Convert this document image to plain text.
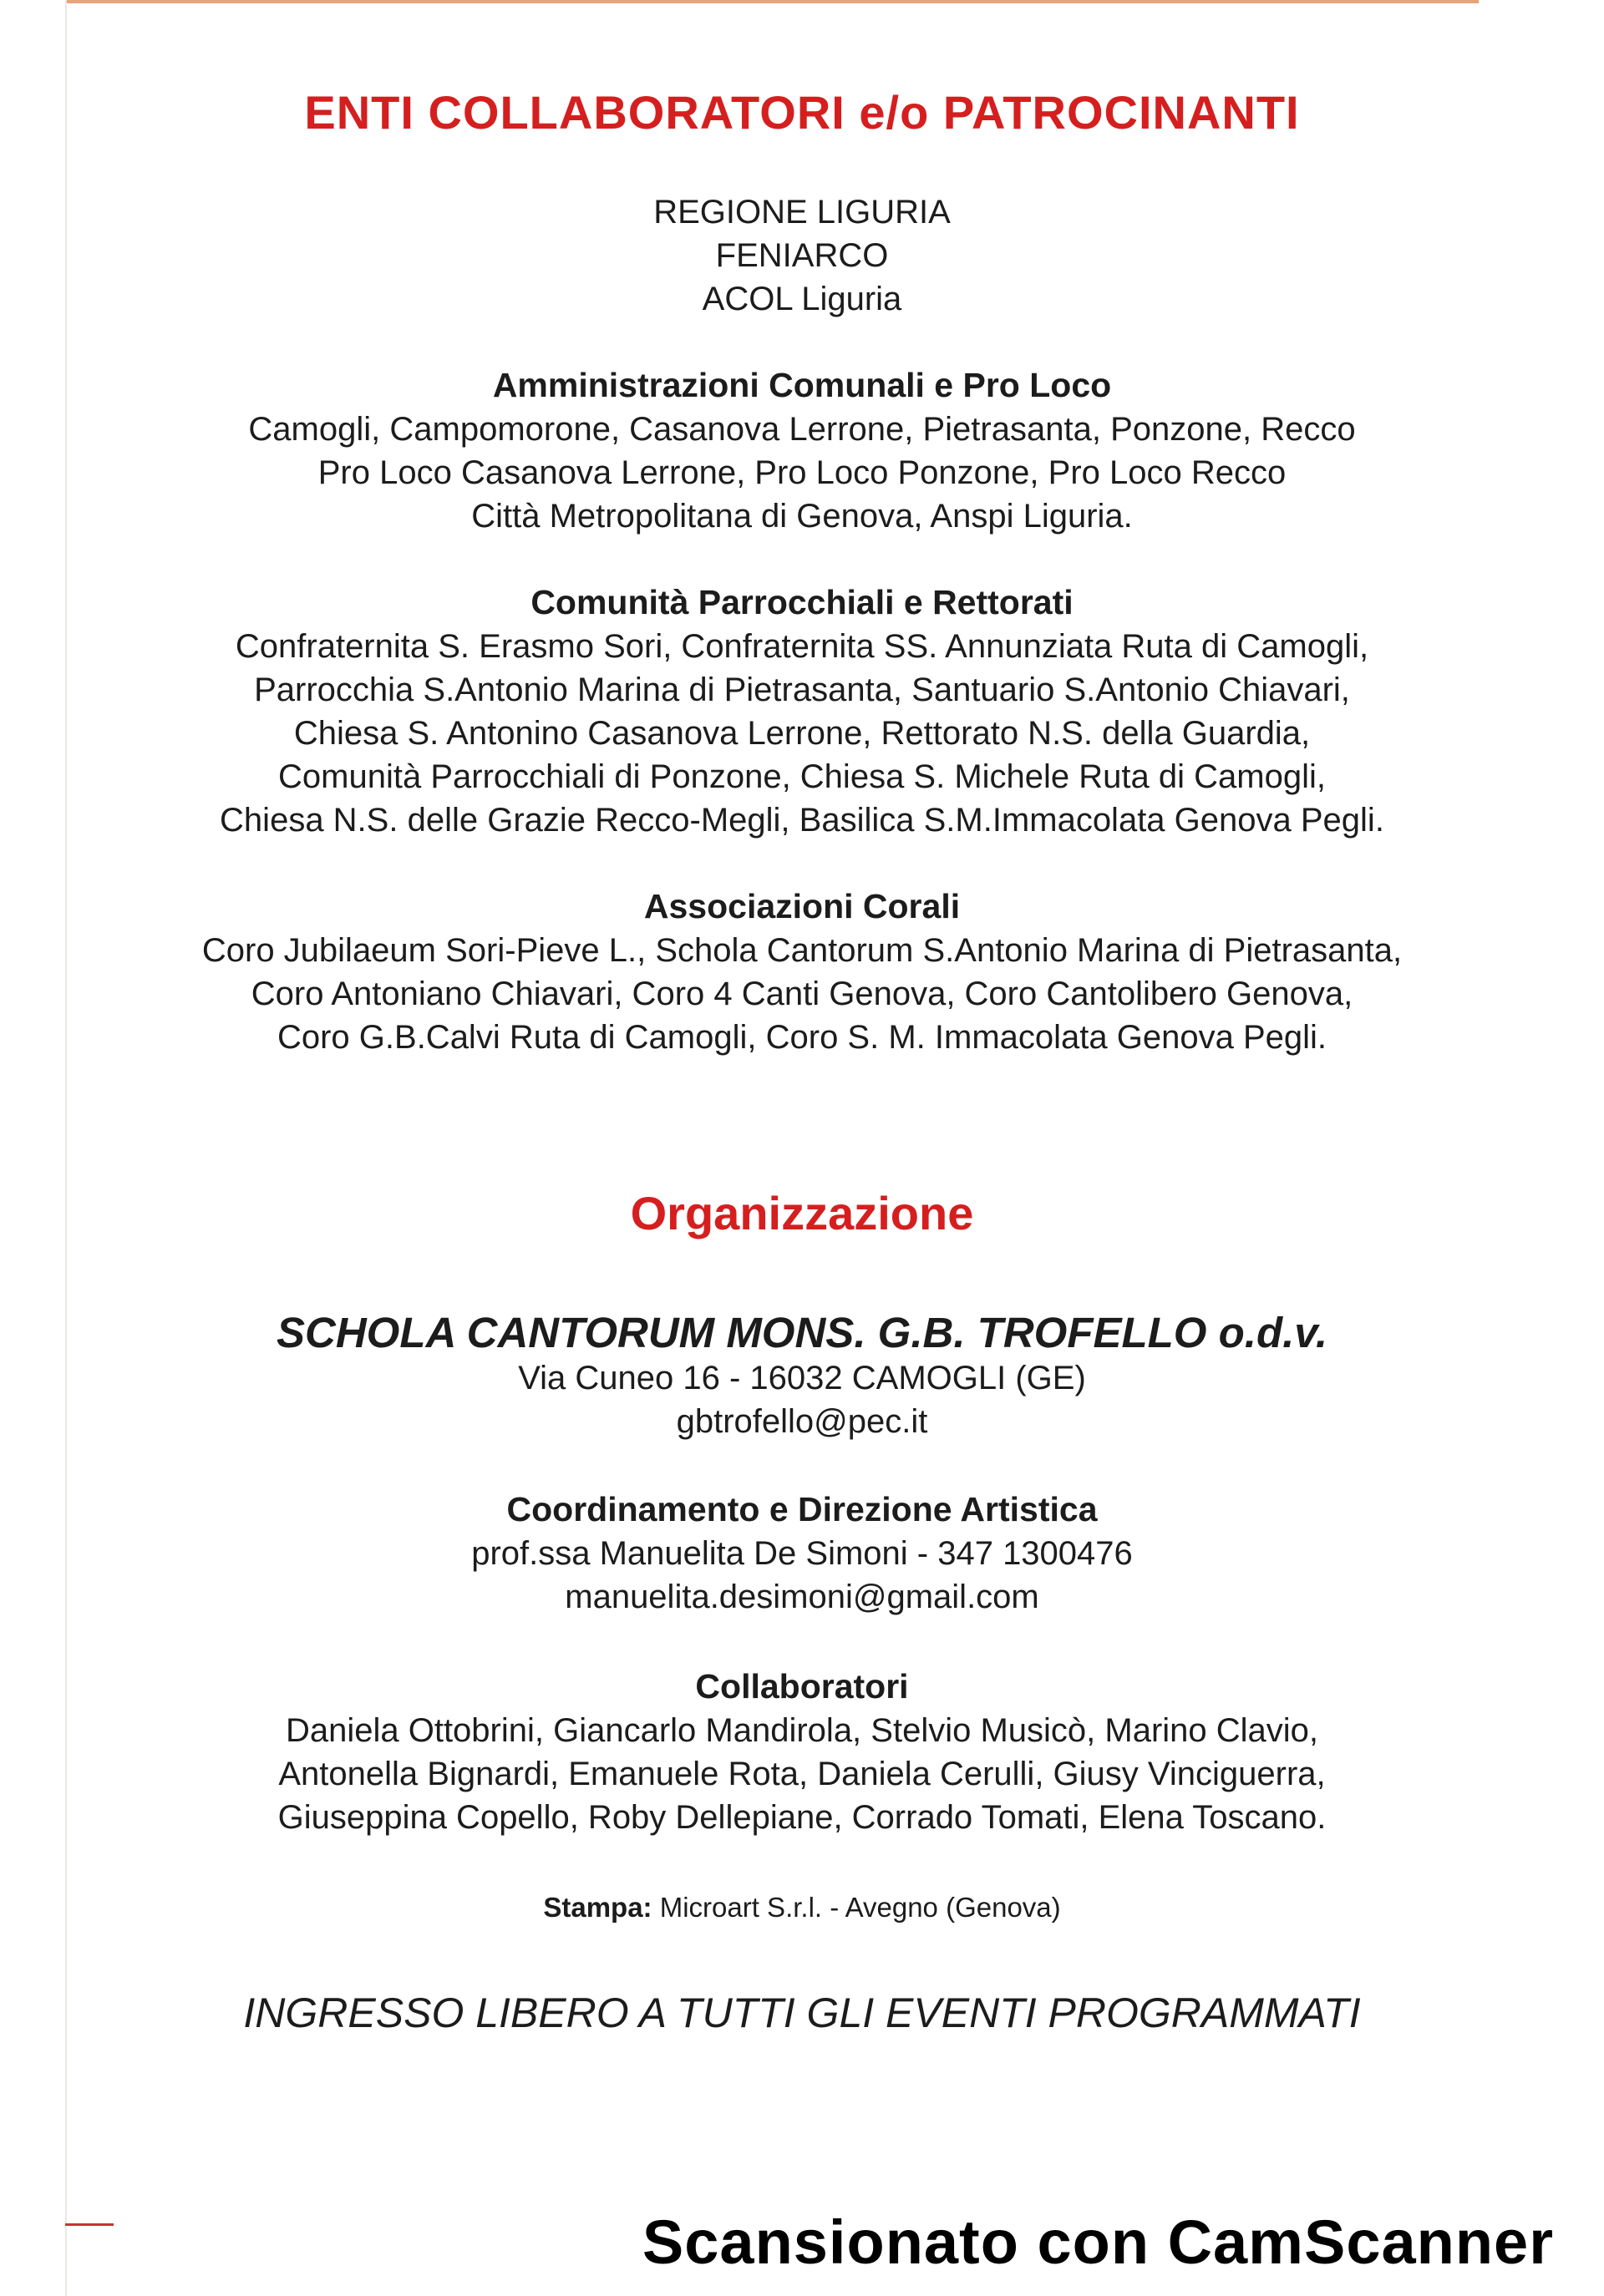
ENTI COLLABORATORI e/o PATROCINANTI
REGIONE LIGURIA
FENIARCO
ACOL Liguria
Amministrazioni Comunali e Pro Loco
Camogli, Campomorone, Casanova Lerrone, Pietrasanta, Ponzone, Recco
Pro Loco Casanova Lerrone, Pro Loco Ponzone, Pro Loco Recco
Città Metropolitana di Genova, Anspi Liguria.
Comunità Parrocchiali e Rettorati
Confraternita S. Erasmo Sori, Confraternita SS. Annunziata Ruta di Camogli,
Parrocchia S.Antonio Marina di Pietrasanta, Santuario S.Antonio Chiavari,
Chiesa S. Antonino Casanova Lerrone, Rettorato N.S. della Guardia,
Comunità Parrocchiali di Ponzone, Chiesa S. Michele Ruta di Camogli,
Chiesa N.S. delle Grazie Recco-Megli, Basilica S.M.Immacolata Genova Pegli.
Associazioni Corali
Coro Jubilaeum Sori-Pieve L., Schola Cantorum S.Antonio Marina di Pietrasanta,
Coro Antoniano Chiavari, Coro 4 Canti Genova, Coro Cantolibero Genova,
Coro G.B.Calvi Ruta di Camogli, Coro S. M. Immacolata Genova Pegli.
Organizzazione
SCHOLA CANTORUM MONS. G.B. TROFELLO o.d.v.
Via Cuneo 16 - 16032 CAMOGLI (GE)
gbtrofello@pec.it
Coordinamento e Direzione Artistica
prof.ssa Manuelita De Simoni - 347 1300476
manuelita.desimoni@gmail.com
Collaboratori
Daniela Ottobrini, Giancarlo Mandirola, Stelvio Musicò, Marino Clavio,
Antonella Bignardi, Emanuele Rota, Daniela Cerulli, Giusy Vinciguerra,
Giuseppina Copello, Roby Dellepiane, Corrado Tomati, Elena Toscano.
Stampa: Microart S.r.l. - Avegno (Genova)
INGRESSO LIBERO A TUTTI GLI EVENTI PROGRAMMATI
Scansionato con CamScanner
